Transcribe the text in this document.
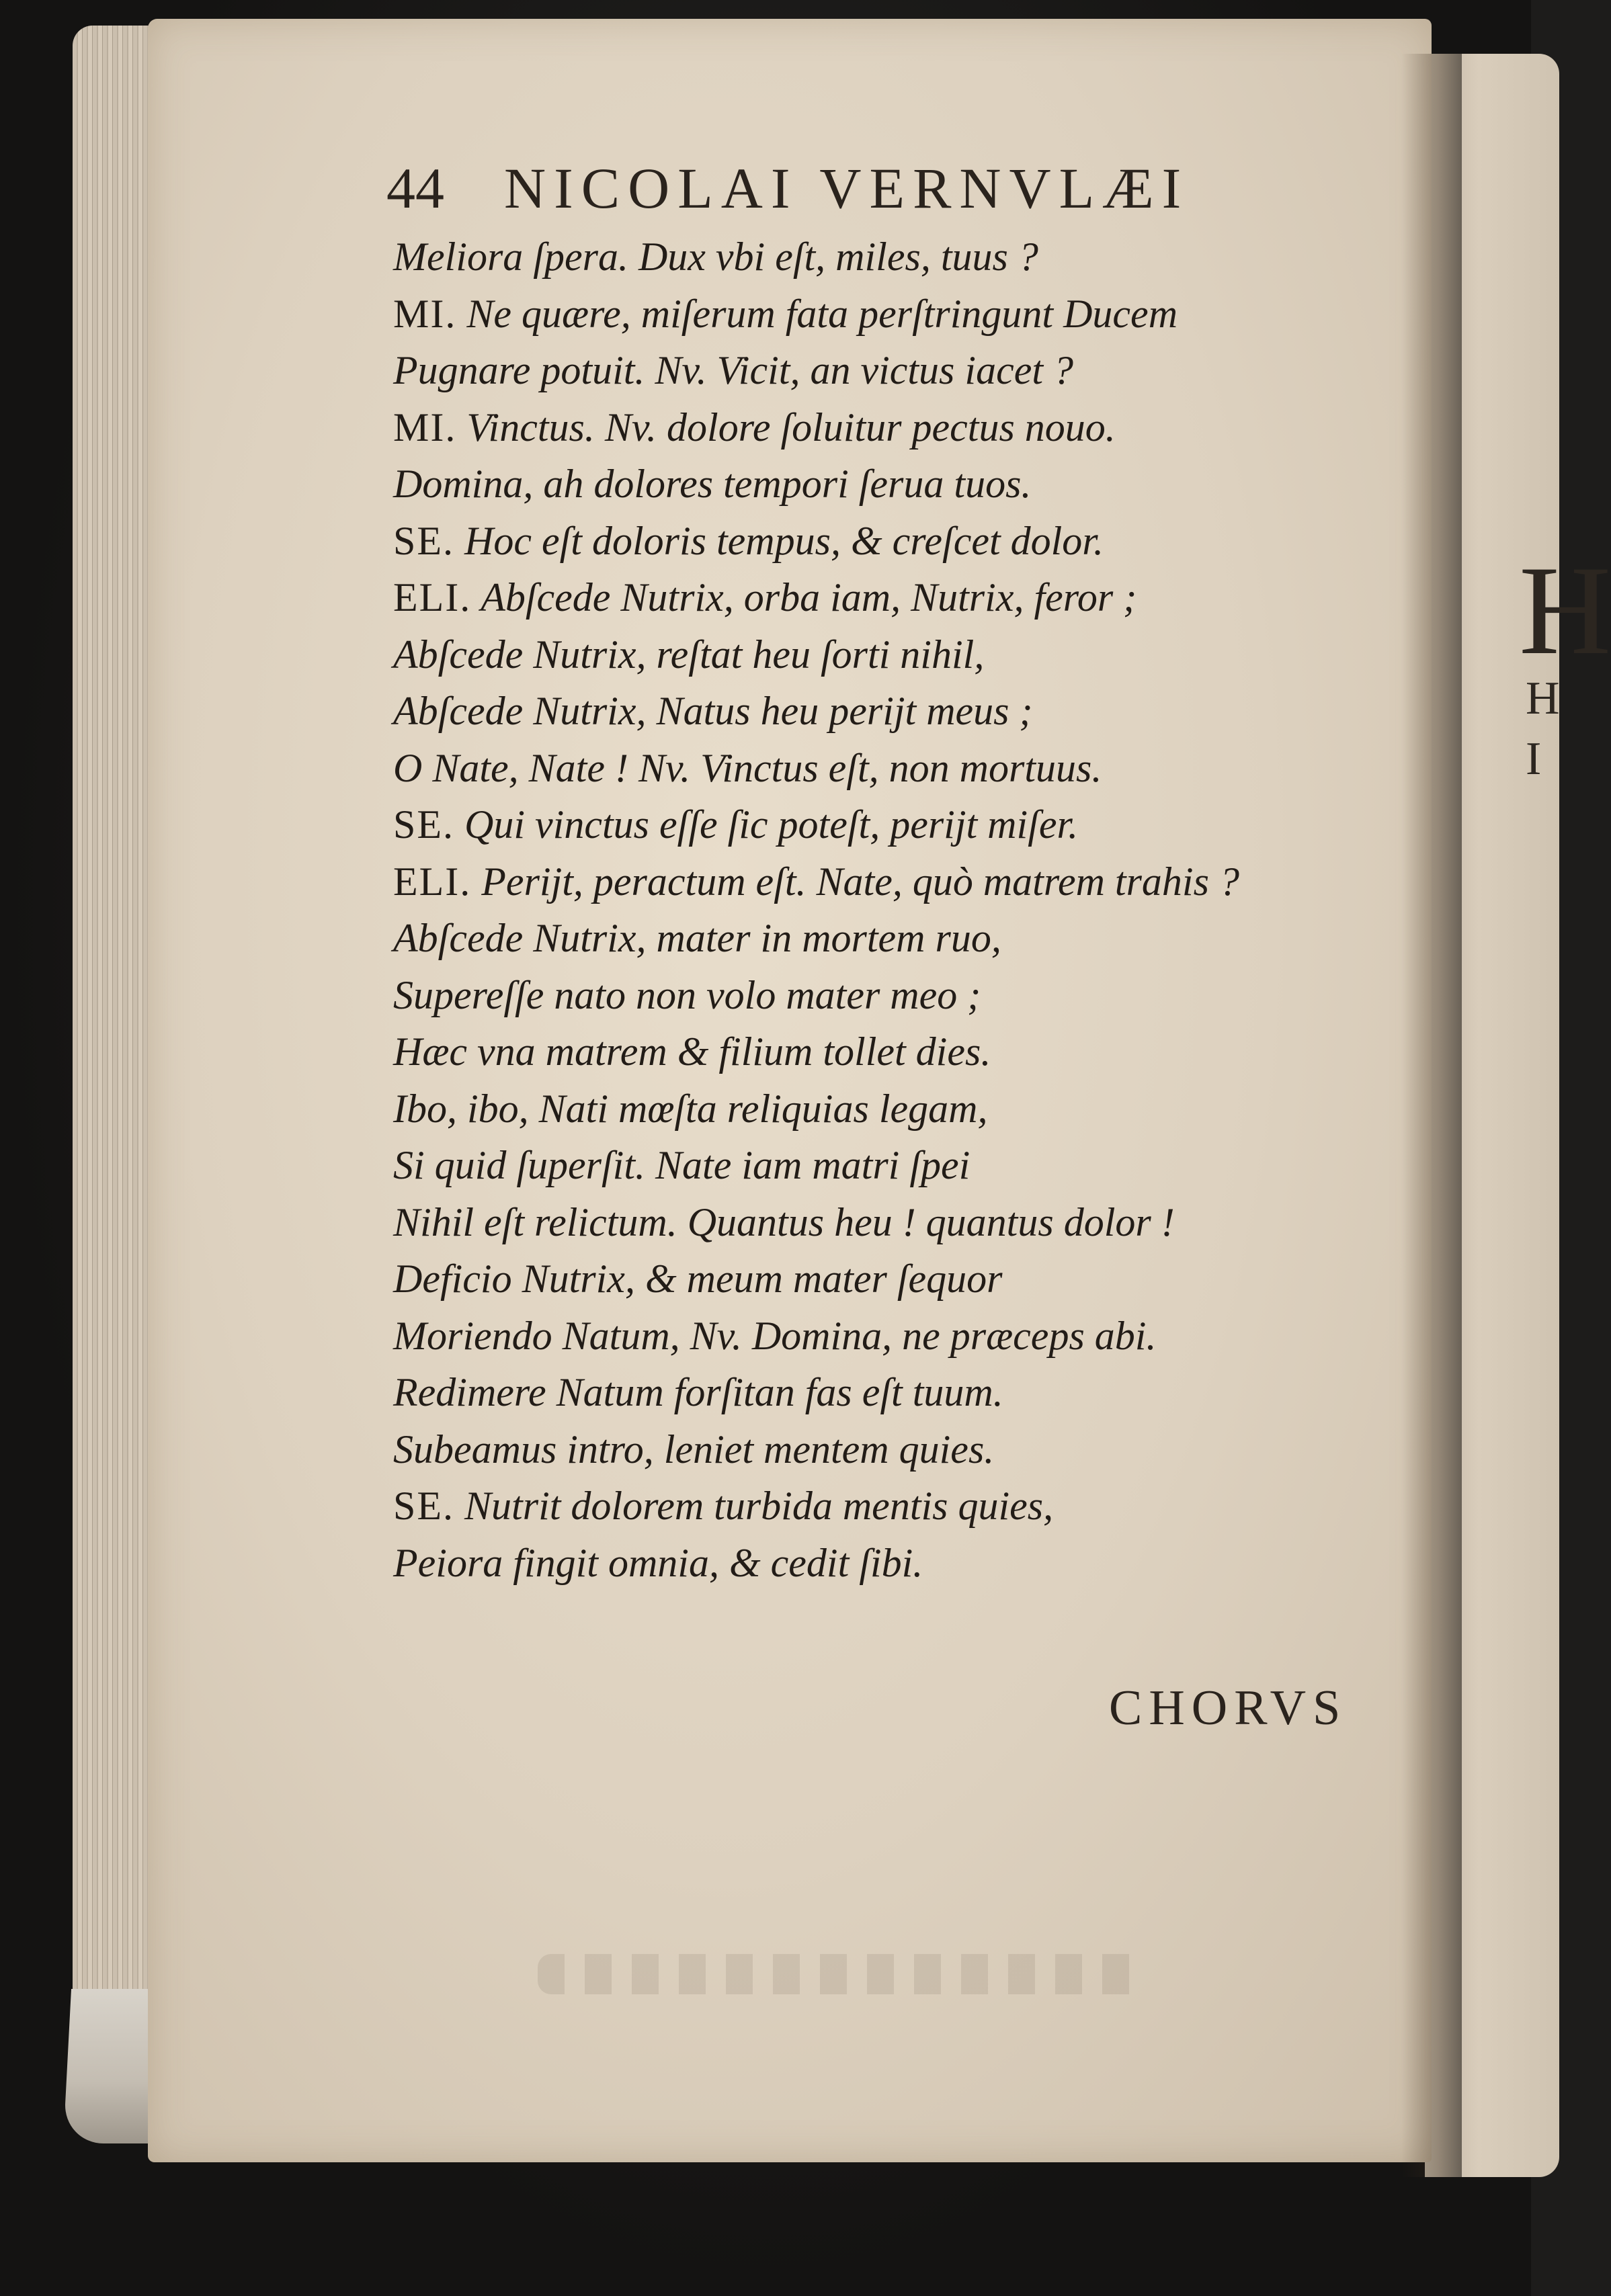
H
H
I
44 NICOLAI VERNVLÆI
Meliora ſpera. Dux vbi eſt, miles, tuus ?
MI. Ne quære, miſerum fata perſtringunt Ducem
Pugnare potuit. Nv. Vicit, an victus iacet ?
MI. Vinctus. Nv. dolore ſoluitur pectus nouo.
Domina, ah dolores tempori ſerua tuos.
SE. Hoc eſt doloris tempus, & creſcet dolor.
ELI. Abſcede Nutrix, orba iam, Nutrix, feror ;
Abſcede Nutrix, reſtat heu ſorti nihil,
Abſcede Nutrix, Natus heu perijt meus ;
O Nate, Nate ! Nv. Vinctus eſt, non mortuus.
SE. Qui vinctus eſſe ſic poteſt, perijt miſer.
ELI. Perijt, peractum eſt. Nate, quò matrem trahis ?
Abſcede Nutrix, mater in mortem ruo,
Supereſſe nato non volo mater meo ;
Hæc vna matrem & filium tollet dies.
Ibo, ibo, Nati mœſta reliquias legam,
Si quid ſuperſit. Nate iam matri ſpei
Nihil eſt relictum. Quantus heu ! quantus dolor !
Deficio Nutrix, & meum mater ſequor
Moriendo Natum, Nv. Domina, ne præceps abi.
Redimere Natum forſitan fas eſt tuum.
Subeamus intro, leniet mentem quies.
SE. Nutrit dolorem turbida mentis quies,
Peiora fingit omnia, & cedit ſibi.
CHORVS
